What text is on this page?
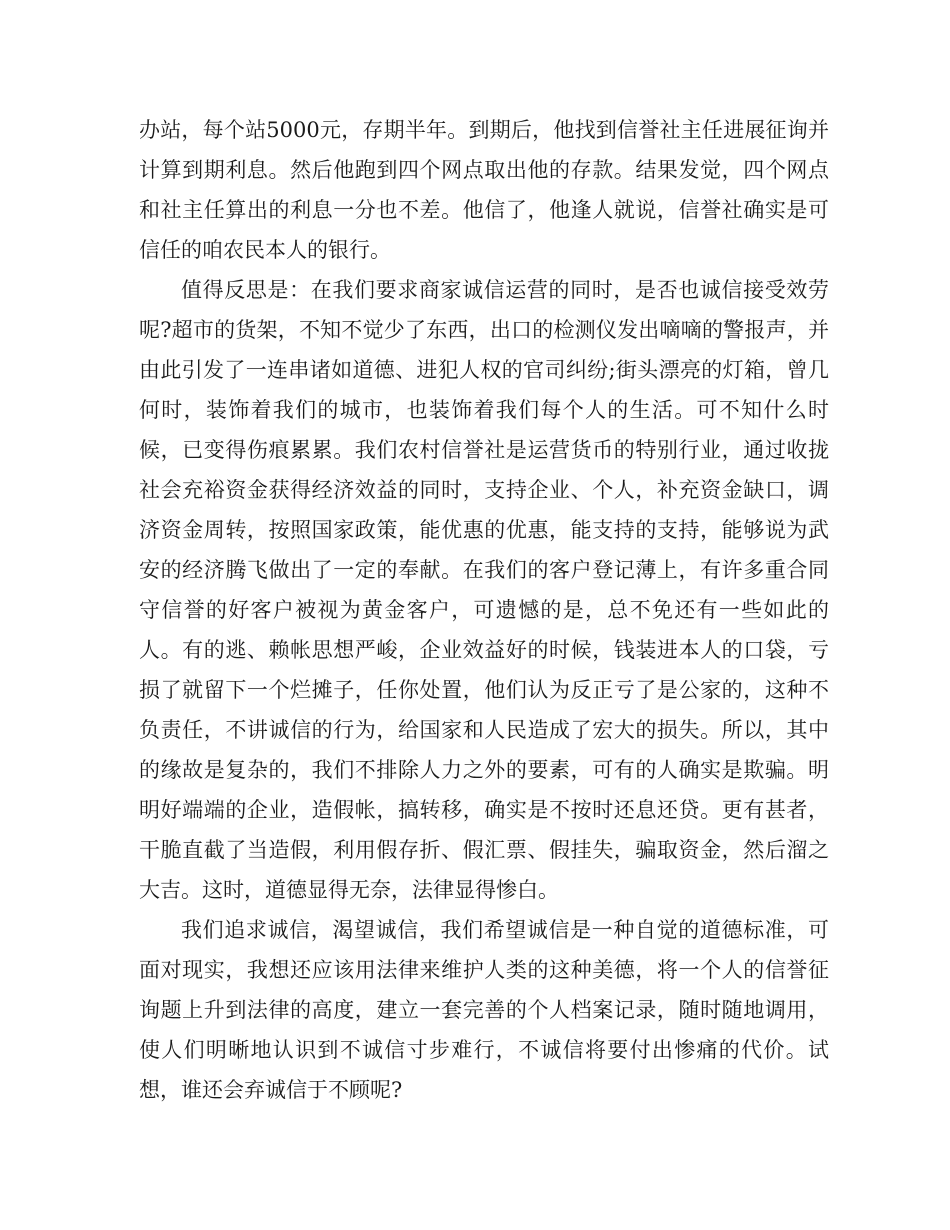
办站，每个站5000元，存期半年。到期后，他找到信誉社主任进展征询并计算到期利息。然后他跑到四个网点取出他的存款。结果发觉，四个网点和社主任算出的利息一分也不差。他信了，他逢人就说，信誉社确实是可信任的咱农民本人的银行。

值得反思是：在我们要求商家诚信运营的同时，是否也诚信接受效劳呢?超市的货架，不知不觉少了东西，出口的检测仪发出嘀嘀的警报声，并由此引发了一连串诸如道德、进犯人权的官司纠纷;街头漂亮的灯箱，曾几何时，装饰着我们的城市，也装饰着我们每个人的生活。可不知什么时候，已变得伤痕累累。我们农村信誉社是运营货币的特别行业，通过收拢社会充裕资金获得经济效益的同时，支持企业、个人，补充资金缺口，调济资金周转，按照国家政策，能优惠的优惠，能支持的支持，能够说为武安的经济腾飞做出了一定的奉献。在我们的客户登记薄上，有许多重合同守信誉的好客户被视为黄金客户，可遗憾的是，总不免还有一些如此的人。有的逃、赖帐思想严峻，企业效益好的时候，钱装进本人的口袋，亏损了就留下一个烂摊子，任你处置，他们认为反正亏了是公家的，这种不负责任，不讲诚信的行为，给国家和人民造成了宏大的损失。所以，其中的缘故是复杂的，我们不排除人力之外的要素，可有的人确实是欺骗。明明好端端的企业，造假帐，搞转移，确实是不按时还息还贷。更有甚者，干脆直截了当造假，利用假存折、假汇票、假挂失，骗取资金，然后溜之大吉。这时，道德显得无奈，法律显得惨白。

我们追求诚信，渴望诚信，我们希望诚信是一种自觉的道德标准，可面对现实，我想还应该用法律来维护人类的这种美德，将一个人的信誉征询题上升到法律的高度，建立一套完善的个人档案记录，随时随地调用，使人们明晰地认识到不诚信寸步难行，不诚信将要付出惨痛的代价。试想，谁还会弃诚信于不顾呢?
